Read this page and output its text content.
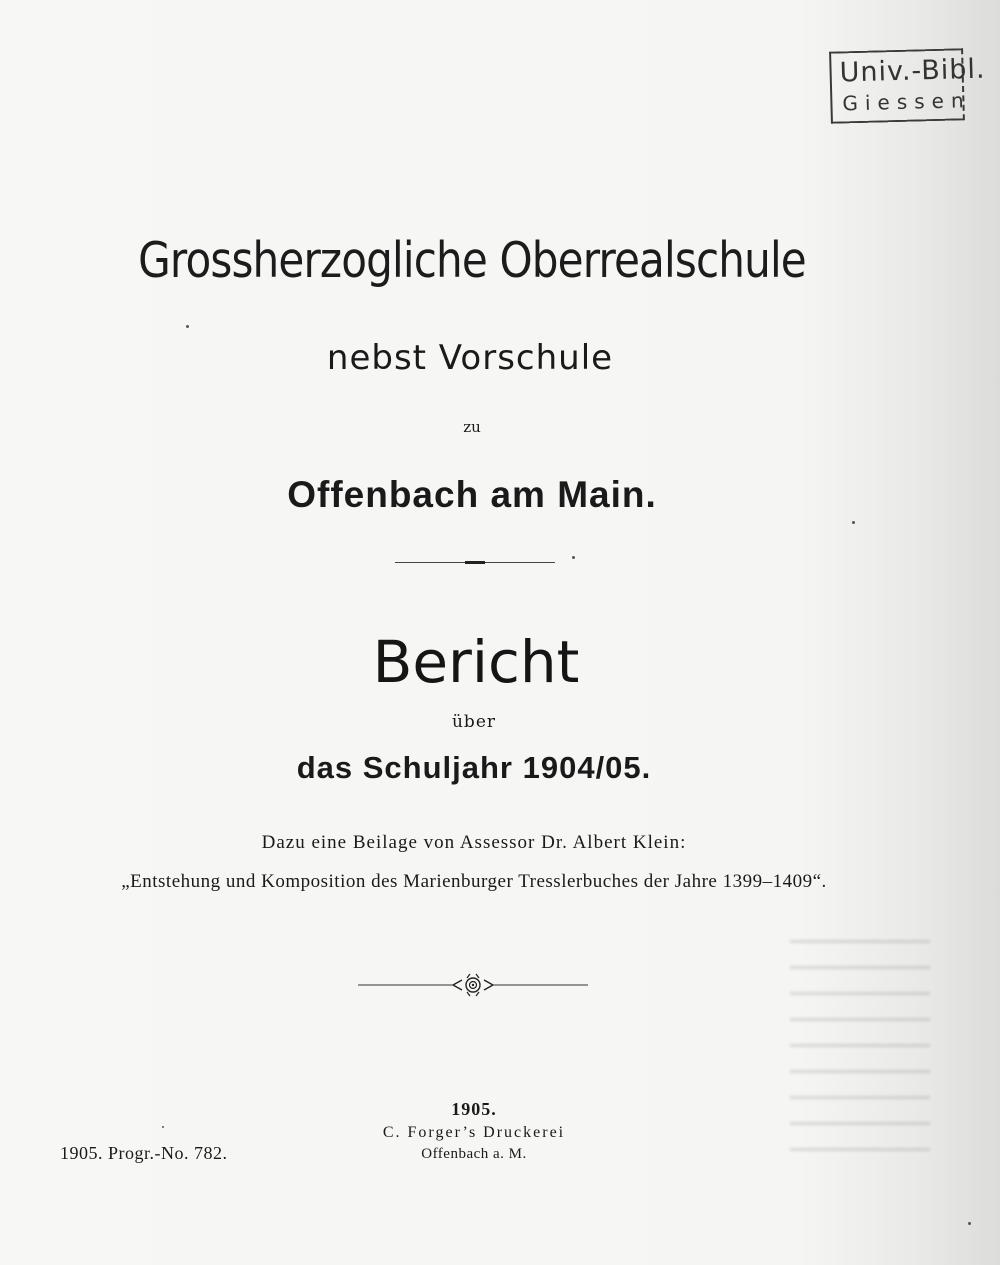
Univ.-Bibl.
Giessen

Grossherzogliche Oberrealschule

nebst Vorschule

zu

Offenbach am Main.

Bericht

über

das Schuljahr 1904/05.

Dazu eine Beilage von Assessor Dr. Albert Klein:

„Entstehung und Komposition des Marienburger Tresslerbuches der Jahre 1399–1409“.

1905.

C. Forger’s Druckerei

Offenbach a. M.

1905. Progr.-No. 782.
